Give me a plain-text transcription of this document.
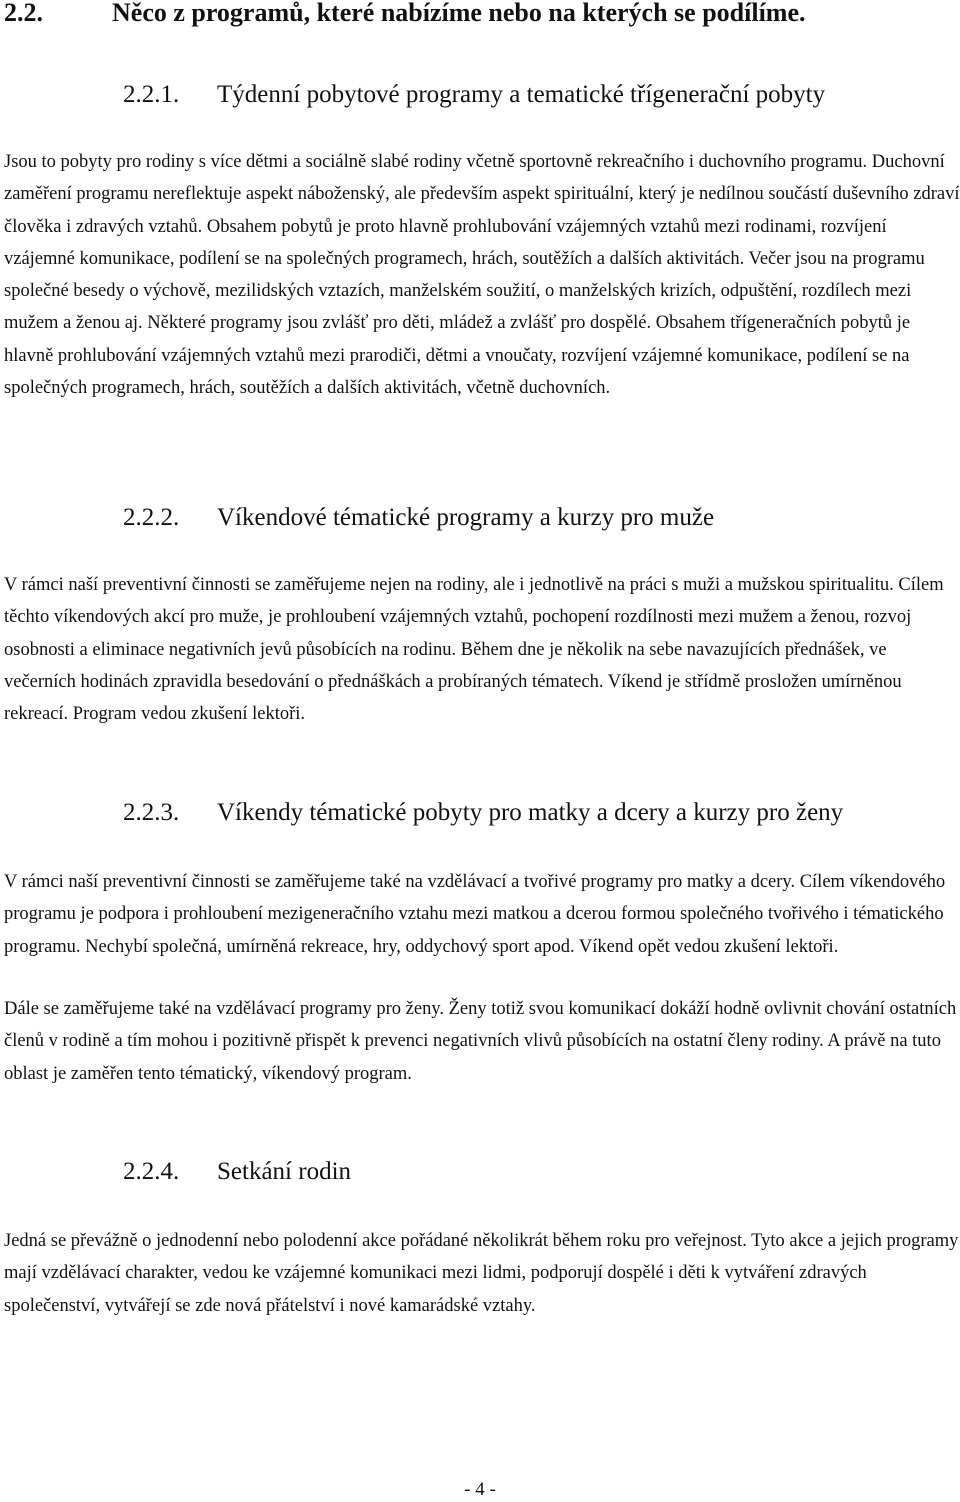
2.2.	Něco z programů, které nabízíme nebo na kterých se podílíme.
2.2.1. Týdenní pobytové programy a tematické třígenerační pobyty

Jsou to pobyty pro rodiny s více dětmi a sociálně slabé rodiny včetně sportovně rekreačního i duchovního programu. Duchovní zaměření programu nereflektuje aspekt náboženský, ale především aspekt spirituální, který je nedílnou součástí duševního zdraví člověka i zdravých vztahů. Obsahem pobytů je proto hlavně prohlubování vzájemných vztahů mezi rodinami, rozvíjení vzájemné komunikace, podílení se na společných programech, hrách, soutěžích a dalších aktivitách. Večer jsou na programu společné besedy o výchově, mezilidských vztazích, manželském soužití, o manželských krizích, odpuštění, rozdílech mezi mužem a ženou aj. Některé programy jsou zvlášť pro děti, mládež a zvlášť pro dospělé. Obsahem třígeneračních pobytů je hlavně prohlubování vzájemných vztahů mezi prarodiči, dětmi a vnoučaty, rozvíjení vzájemné komunikace, podílení se na společných programech, hrách, soutěžích a dalších aktivitách, včetně duchovních.

2.2.2. Víkendové tématické programy a kurzy pro muže

V rámci naší preventivní činnosti se zaměřujeme nejen na rodiny, ale i jednotlivě na práci s muži a mužskou spiritualitu. Cílem těchto víkendových akcí pro muže, je prohloubení vzájemných vztahů, pochopení rozdílnosti mezi mužem a ženou, rozvoj osobnosti a eliminace negativních jevů působících na rodinu. Během dne je několik na sebe navazujících přednášek, ve večerních hodinách zpravidla besedování o přednáškách a probíraných tématech. Víkend je střídmě prosložen umírněnou rekreací. Program vedou zkušení lektoři.

2.2.3. Víkendy tématické pobyty pro matky a dcery a kurzy pro ženy

V rámci naší preventivní činnosti se zaměřujeme také na vzdělávací a tvořivé programy pro matky a dcery. Cílem víkendového programu je podpora i prohloubení mezigeneračního vztahu mezi matkou a dcerou formou společného tvořivého i tématického programu. Nechybí společná, umírněná rekreace, hry, oddychový sport apod. Víkend opět vedou zkušení lektoři.

Dále se zaměřujeme také na vzdělávací programy pro ženy. Ženy totiž svou komunikací dokáží hodně ovlivnit chování ostatních členů v rodině a tím mohou i pozitivně přispět k prevenci negativních vlivů působících na ostatní členy rodiny. A právě na tuto oblast je zaměřen tento tématický, víkendový program.

2.2.4. Setkání rodin

Jedná se převážně o jednodenní nebo polodenní akce pořádané několikrát během roku pro veřejnost. Tyto akce a jejich programy mají vzdělávací charakter, vedou ke vzájemné komunikaci mezi lidmi, podporují dospělé i děti k vytváření zdravých společenství, vytvářejí se zde nová přátelství i nové kamarádské vztahy.

- 4 -
